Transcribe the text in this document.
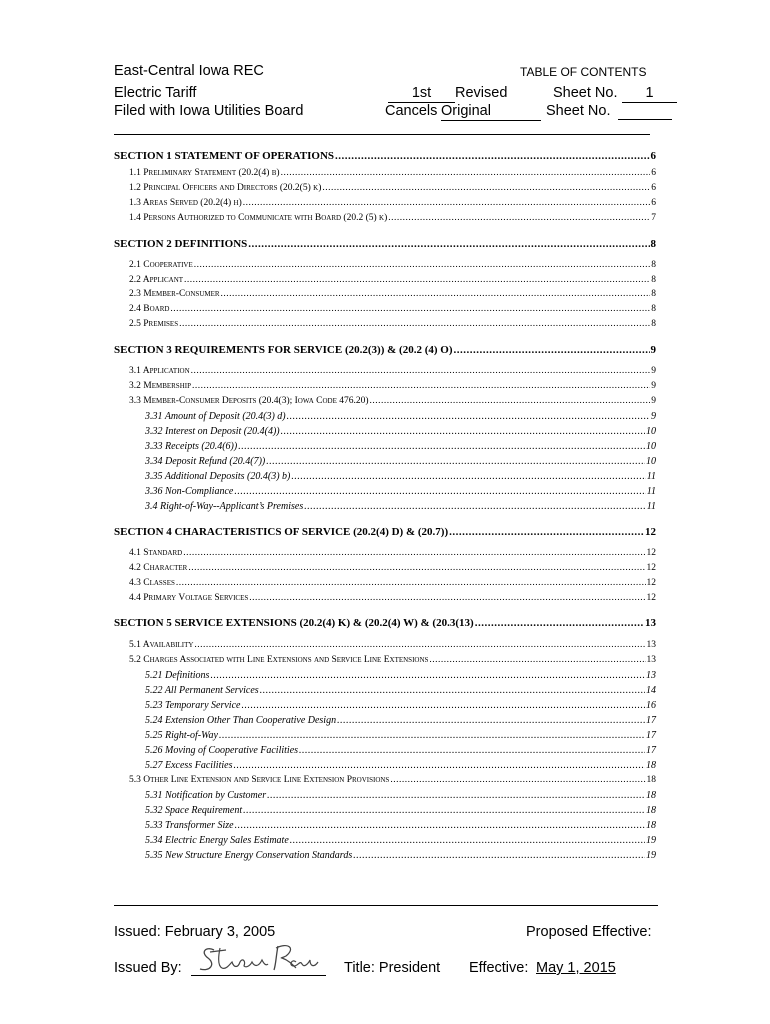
East-Central Iowa REC	TABLE OF CONTENTS
Electric Tariff
Filed with Iowa Utilities Board
1st	Revised	Sheet No.	1
Cancels Original	Sheet No.
Issued: February 3, 2005	Proposed Effective:
Issued By:	Title: President Effective: May 1, 2015
SECTION 1 STATEMENT OF OPERATIONS .....	6
1.1 Preliminary Statement (20.2(4) b) .....	6
1.2 Principal Officers and Directors (20.2(5) k) .....	6
1.3 Areas Served (20.2(4) h) .....	6
1.4 Persons Authorized to Communicate with Board (20.2 (5) k) .....	7
SECTION 2 DEFINITIONS .....	8
2.1 Cooperative .....	8
2.2 Applicant .....	8
2.3 Member-Consumer .....	8
2.4 Board .....	8
2.5 Premises .....	8
SECTION 3 REQUIREMENTS FOR SERVICE (20.2(3)) & (20.2 (4) O) .....	9
3.1 Application .....	9
3.2 Membership .....	9
3.3 Member-Consumer Deposits (20.4(3); Iowa Code 476.20) .....	9
3.31 Amount of Deposit (20.4(3) d) .....	9
3.32 Interest on Deposit (20.4(4)) .....	10
3.33 Receipts (20.4(6)) .....	10
3.34 Deposit Refund (20.4(7)) .....	10
3.35 Additional Deposits (20.4(3) b) .....	11
3.36 Non-Compliance .....	11
3.4 Right-of-Way--Applicant’s Premises .....	11
SECTION 4 CHARACTERISTICS OF SERVICE (20.2(4) D) & (20.7)) .....	12
4.1 Standard .....	12
4.2 Character .....	12
4.3 Classes .....	12
4.4 Primary Voltage Services .....	12
SECTION 5 SERVICE EXTENSIONS (20.2(4) K) & (20.2(4) W) & (20.3(13) .....	13
5.1 Availability .....	13
5.2 Charges Associated with Line Extensions and Service Line Extensions .....	13
5.21 Definitions .....	13
5.22 All Permanent Services .....	14
5.23 Temporary Service .....	16
5.24 Extension Other Than Cooperative Design .....	17
5.25 Right-of-Way .....	17
5.26 Moving of Cooperative Facilities .....	17
5.27 Excess Facilities .....	18
5.3 Other Line Extension and Service Line Extension Provisions .....	18
5.31 Notification by Customer .....	18
5.32 Space Requirement .....	18
5.33 Transformer Size .....	18
5.34 Electric Energy Sales Estimate .....	19
5.35 New Structure Energy Conservation Standards .....	19
